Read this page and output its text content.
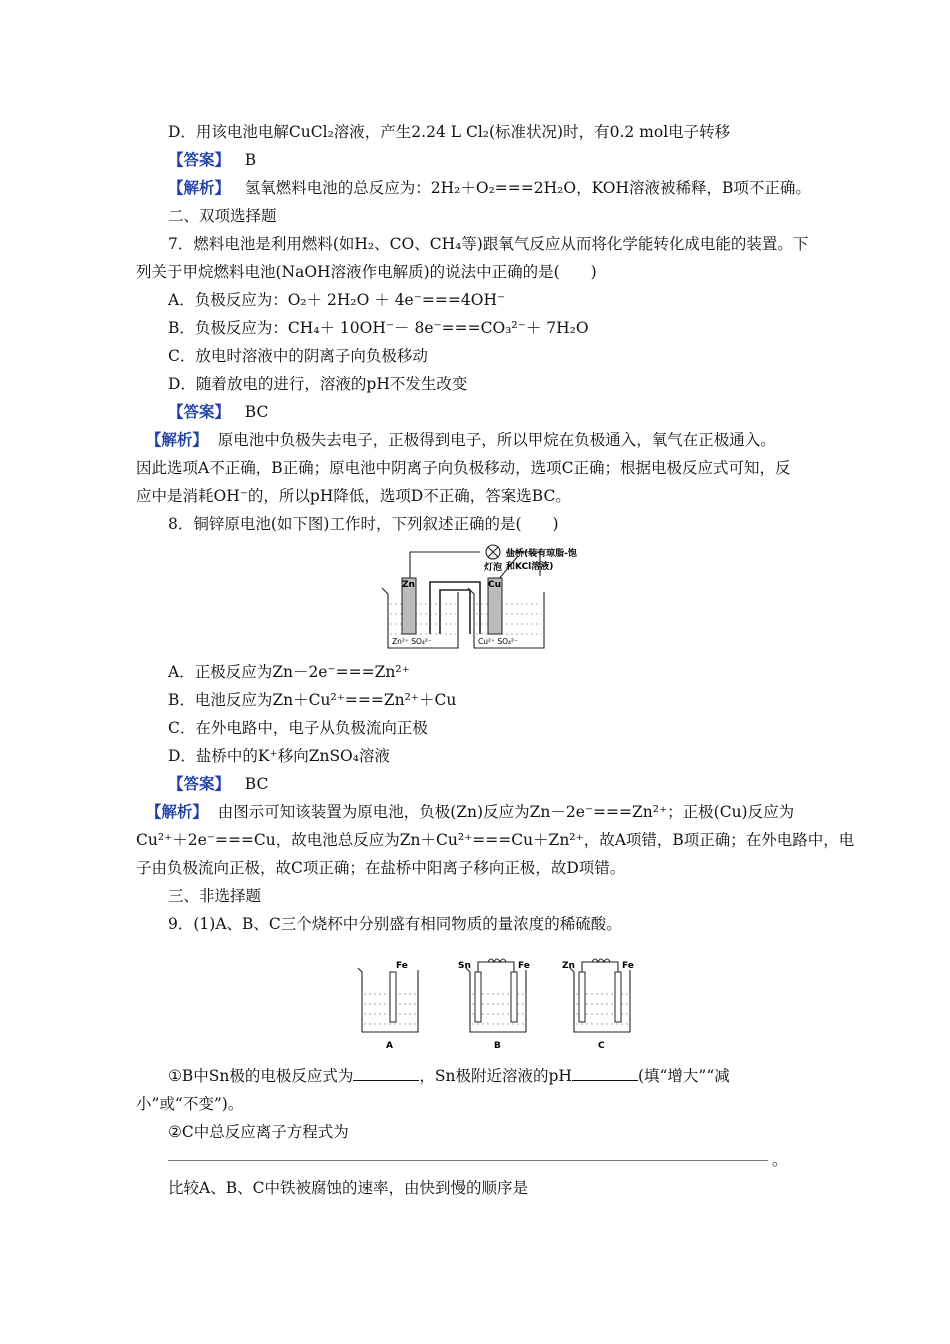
D．用该电池电解CuCl₂溶液，产生2.24 L Cl₂(标准状况)时，有0.2 mol电子转移
【答案】 B
【解析】 氢氧燃料电池的总反应为：2H₂＋O₂===2H₂O，KOH溶液被稀释，B项不正确。
二、双项选择题
7．燃料电池是利用燃料(如H₂、CO、CH₄等)跟氧气反应从而将化学能转化成电能的装置。下
列关于甲烷燃料电池(NaOH溶液作电解质)的说法中正确的是(　　)
A．负极反应为：O₂＋ 2H₂O ＋ 4e⁻===4OH⁻
B．负极反应为：CH₄＋ 10OH⁻－ 8e⁻===CO₃²⁻＋ 7H₂O
C．放电时溶液中的阴离子向负极移动
D．随着放电的进行，溶液的pH不发生改变
【答案】 BC
【解析】 原电池中负极失去电子，正极得到电子，所以甲烷在负极通入，氧气在正极通入。
因此选项A不正确，B正确；原电池中阴离子向负极移动，选项C正确；根据电极反应式可知，反
应中是消耗OH⁻的，所以pH降低，选项D不正确，答案选BC。
8．铜锌原电池(如下图)工作时，下列叙述正确的是(　　)
Zn	Cu
灯泡
盐桥(装有琼脂-饱
和KCl溶液)
Zn²⁺ SO₄²⁻	Cu²⁺ SO₄²⁻
A．正极反应为Zn－2e⁻===Zn²⁺
B．电池反应为Zn＋Cu²⁺===Zn²⁺＋Cu
C．在外电路中，电子从负极流向正极
D．盐桥中的K⁺移向ZnSO₄溶液
【答案】 BC
【解析】 由图示可知该装置为原电池，负极(Zn)反应为Zn－2e⁻===Zn²⁺；正极(Cu)反应为
Cu²⁺＋2e⁻===Cu，故电池总反应为Zn＋Cu²⁺===Cu＋Zn²⁺，故A项错，B项正确；在外电路中，电
子由负极流向正极，故C项正确；在盐桥中阳离子移向正极，故D项错。
三、非选择题
9．(1)A、B、C三个烧杯中分别盛有相同物质的量浓度的稀硫酸。
Fe	Sn	Fe	Zn	Fe
A	B	C
①B中Sn极的电极反应式为	，Sn极附近溶液的pH	(填“增大”“减
小”或“不变”)。
②C中总反应离子方程式为
。
比较A、B、C中铁被腐蚀的速率，由快到慢的顺序是
